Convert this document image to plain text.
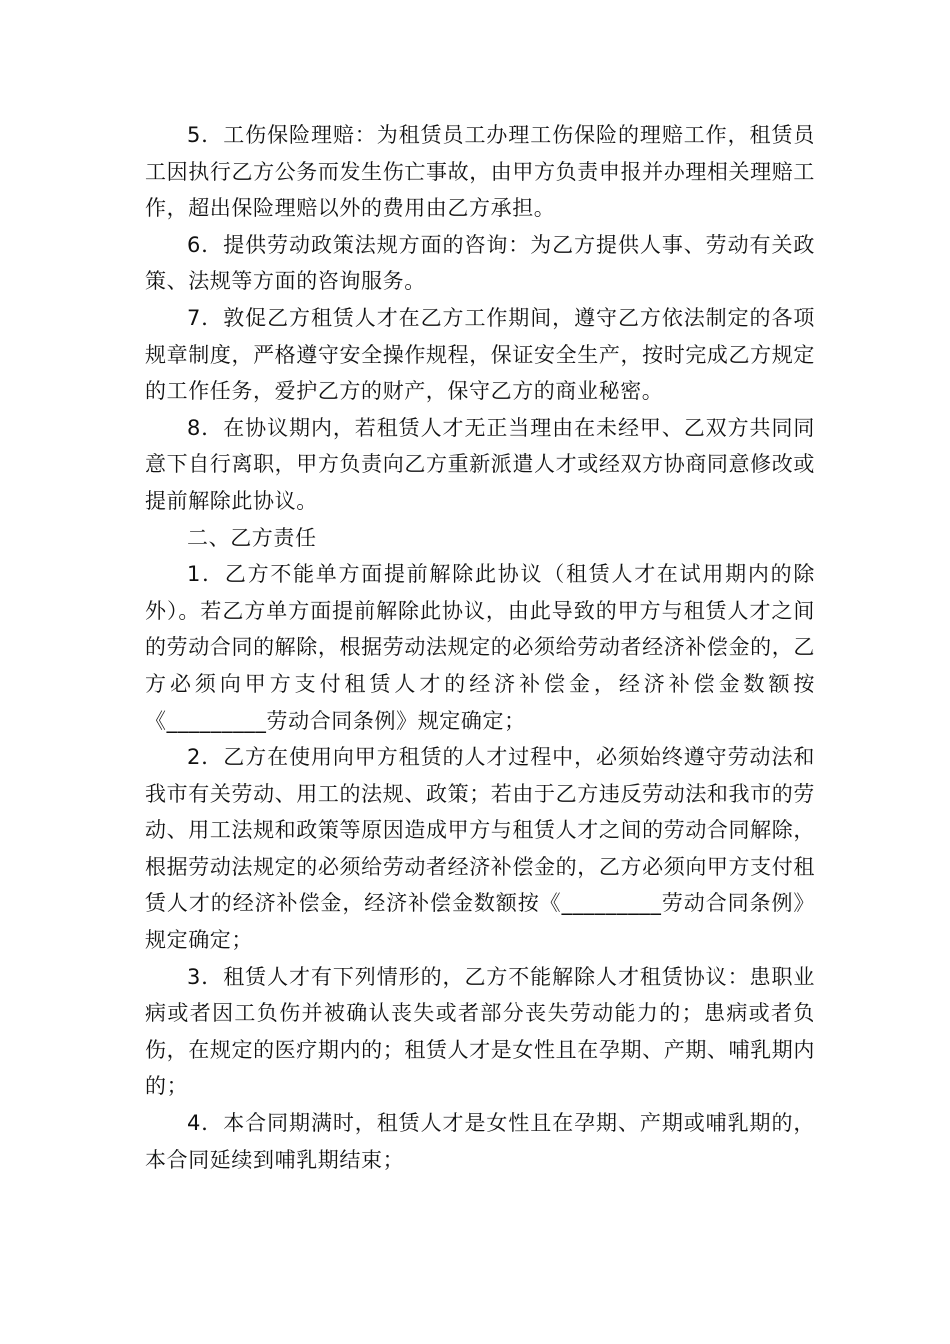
5．工伤保险理赔：为租赁员工办理工伤保险的理赔工作，租赁员工因执行乙方公务而发生伤亡事故，由甲方负责申报并办理相关理赔工作，超出保险理赔以外的费用由乙方承担。

6．提供劳动政策法规方面的咨询：为乙方提供人事、劳动有关政策、法规等方面的咨询服务。

7．敦促乙方租赁人才在乙方工作期间，遵守乙方依法制定的各项规章制度，严格遵守安全操作规程，保证安全生产，按时完成乙方规定的工作任务，爱护乙方的财产，保守乙方的商业秘密。

8．在协议期内，若租赁人才无正当理由在未经甲、乙双方共同同意下自行离职，甲方负责向乙方重新派遣人才或经双方协商同意修改或提前解除此协议。

二、乙方责任

1．乙方不能单方面提前解除此协议（租赁人才在试用期内的除外）。若乙方单方面提前解除此协议，由此导致的甲方与租赁人才之间的劳动合同的解除，根据劳动法规定的必须给劳动者经济补偿金的，乙方必须向甲方支付租赁人才的经济补偿金，经济补偿金数额按《_________劳动合同条例》规定确定；

2．乙方在使用向甲方租赁的人才过程中，必须始终遵守劳动法和我市有关劳动、用工的法规、政策；若由于乙方违反劳动法和我市的劳动、用工法规和政策等原因造成甲方与租赁人才之间的劳动合同解除，根据劳动法规定的必须给劳动者经济补偿金的，乙方必须向甲方支付租赁人才的经济补偿金，经济补偿金数额按《_________劳动合同条例》规定确定；

3．租赁人才有下列情形的，乙方不能解除人才租赁协议：患职业病或者因工负伤并被确认丧失或者部分丧失劳动能力的；患病或者负伤，在规定的医疗期内的；租赁人才是女性且在孕期、产期、哺乳期内的；

4．本合同期满时，租赁人才是女性且在孕期、产期或哺乳期的，本合同延续到哺乳期结束；
